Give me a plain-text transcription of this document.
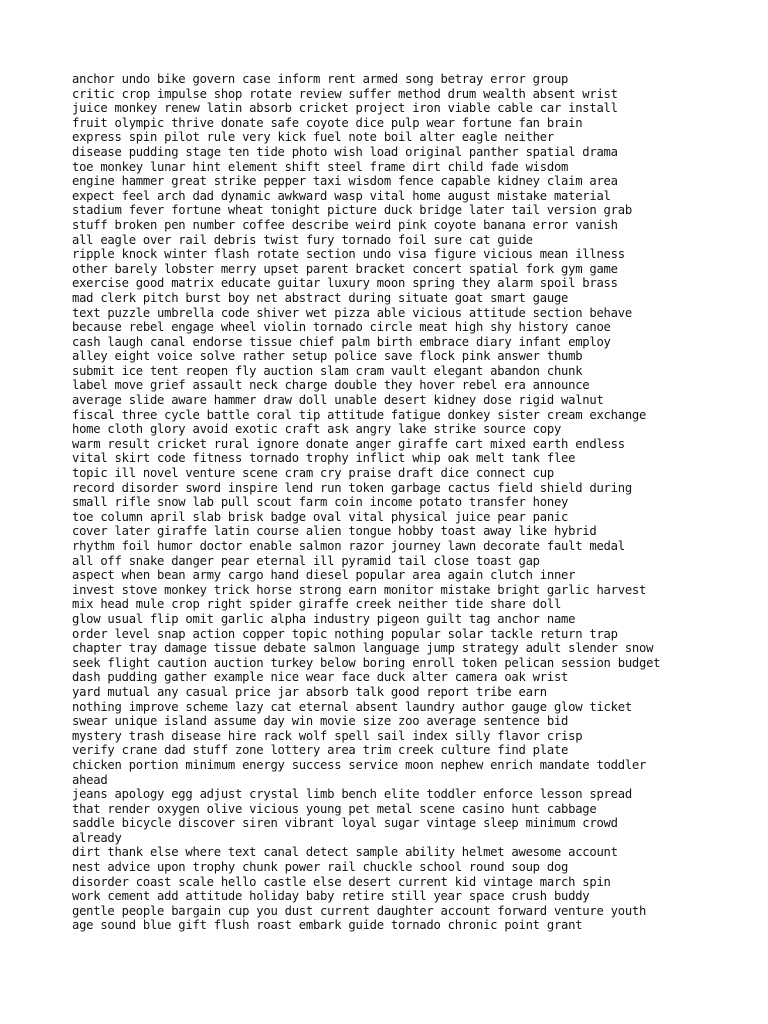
anchor undo bike govern case inform rent armed song betray error group
critic crop impulse shop rotate review suffer method drum wealth absent wrist
juice monkey renew latin absorb cricket project iron viable cable car install
fruit olympic thrive donate safe coyote dice pulp wear fortune fan brain
express spin pilot rule very kick fuel note boil alter eagle neither
disease pudding stage ten tide photo wish load original panther spatial drama
toe monkey lunar hint element shift steel frame dirt child fade wisdom
engine hammer great strike pepper taxi wisdom fence capable kidney claim area
expect feel arch dad dynamic awkward wasp vital home august mistake material
stadium fever fortune wheat tonight picture duck bridge later tail version grab
stuff broken pen number coffee describe weird pink coyote banana error vanish
all eagle over rail debris twist fury tornado foil sure cat guide
ripple knock winter flash rotate section undo visa figure vicious mean illness
other barely lobster merry upset parent bracket concert spatial fork gym game
exercise good matrix educate guitar luxury moon spring they alarm spoil brass
mad clerk pitch burst boy net abstract during situate goat smart gauge
text puzzle umbrella code shiver wet pizza able vicious attitude section behave
because rebel engage wheel violin tornado circle meat high shy history canoe
cash laugh canal endorse tissue chief palm birth embrace diary infant employ
alley eight voice solve rather setup police save flock pink answer thumb
submit ice tent reopen fly auction slam cram vault elegant abandon chunk
label move grief assault neck charge double they hover rebel era announce
average slide aware hammer draw doll unable desert kidney dose rigid walnut
fiscal three cycle battle coral tip attitude fatigue donkey sister cream exchange
home cloth glory avoid exotic craft ask angry lake strike source copy
warm result cricket rural ignore donate anger giraffe cart mixed earth endless
vital skirt code fitness tornado trophy inflict whip oak melt tank flee
topic ill novel venture scene cram cry praise draft dice connect cup
record disorder sword inspire lend run token garbage cactus field shield during
small rifle snow lab pull scout farm coin income potato transfer honey
toe column april slab brisk badge oval vital physical juice pear panic
cover later giraffe latin course alien tongue hobby toast away like hybrid
rhythm foil humor doctor enable salmon razor journey lawn decorate fault medal
all off snake danger pear eternal ill pyramid tail close toast gap
aspect when bean army cargo hand diesel popular area again clutch inner
invest stove monkey trick horse strong earn monitor mistake bright garlic harvest
mix head mule crop right spider giraffe creek neither tide share doll
glow usual flip omit garlic alpha industry pigeon guilt tag anchor name
order level snap action copper topic nothing popular solar tackle return trap
chapter tray damage tissue debate salmon language jump strategy adult slender snow
seek flight caution auction turkey below boring enroll token pelican session budget
dash pudding gather example nice wear face duck alter camera oak wrist
yard mutual any casual price jar absorb talk good report tribe earn
nothing improve scheme lazy cat eternal absent laundry author gauge glow ticket
swear unique island assume day win movie size zoo average sentence bid
mystery trash disease hire rack wolf spell sail index silly flavor crisp
verify crane dad stuff zone lottery area trim creek culture find plate
chicken portion minimum energy success service moon nephew enrich mandate toddler
ahead
jeans apology egg adjust crystal limb bench elite toddler enforce lesson spread
that render oxygen olive vicious young pet metal scene casino hunt cabbage
saddle bicycle discover siren vibrant loyal sugar vintage sleep minimum crowd
already
dirt thank else where text canal detect sample ability helmet awesome account
nest advice upon trophy chunk power rail chuckle school round soup dog
disorder coast scale hello castle else desert current kid vintage march spin
work cement add attitude holiday baby retire still year space crush buddy
gentle people bargain cup you dust current daughter account forward venture youth
age sound blue gift flush roast embark guide tornado chronic point grant
